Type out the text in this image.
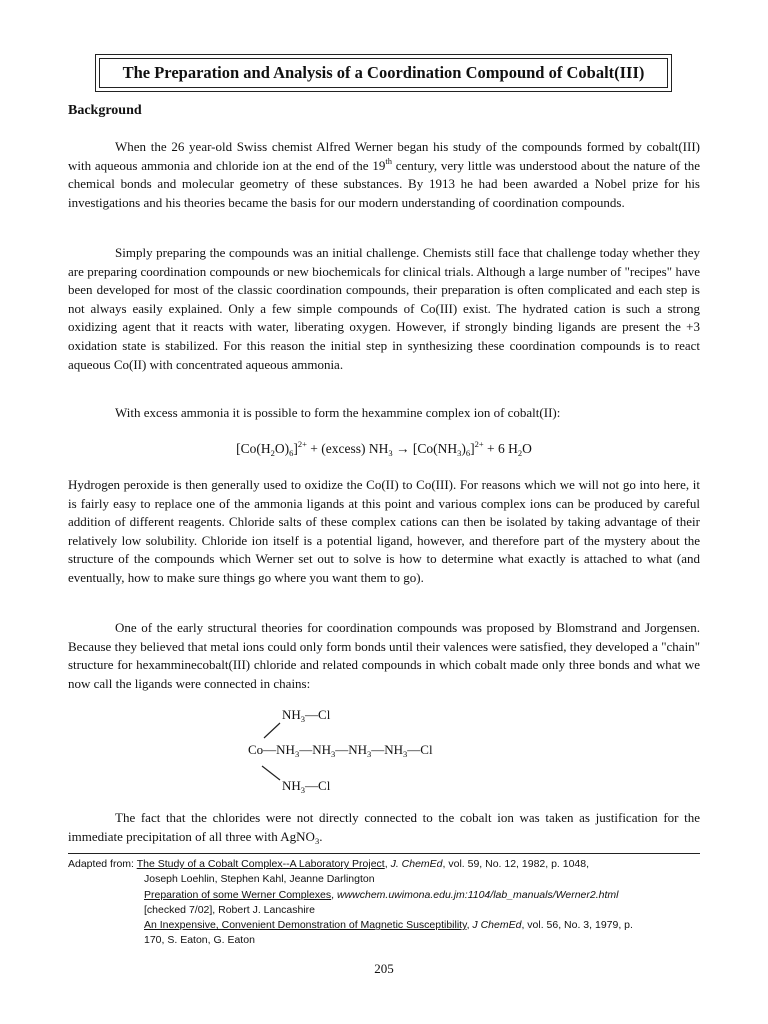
The Preparation and Analysis of a Coordination Compound of Cobalt(III)
Background

When the 26 year-old Swiss chemist Alfred Werner began his study of the compounds formed by cobalt(III) with aqueous ammonia and chloride ion at the end of the 19th century, very little was understood about the nature of the chemical bonds and molecular geometry of these substances. By 1913 he had been awarded a Nobel prize for his investigations and his theories became the basis for our modern understanding of coordination compounds.

Simply preparing the compounds was an initial challenge. Chemists still face that challenge today whether they are preparing coordination compounds or new biochemicals for clinical trials. Although a large number of "recipes" have been developed for most of the classic coordination compounds, their preparation is often complicated and each step is not always easily explained. Only a few simple compounds of Co(III) exist. The hydrated cation is such a strong oxidizing agent that it reacts with water, liberating oxygen. However, if strongly binding ligands are present the +3 oxidation state is stabilized. For this reason the initial step in synthesizing these coordination compounds is to react aqueous Co(II) with concentrated aqueous ammonia.

With excess ammonia it is possible to form the hexammine complex ion of cobalt(II):

$[Co(H_2O)_6]^{2+}$ + (excess) $NH_3 \to [Co(NH_3)_6]^{2+} + 6$ $H_2O$

Hydrogen peroxide is then generally used to oxidize the Co(II) to Co(III). For reasons which we will not go into here, it is fairly easy to replace one of the ammonia ligands at this point and various complex ions can be produced by careful addition of different reagents. Chloride salts of these complex cations can then be isolated by taking advantage of their relatively low solubility. Chloride ion itself is a potential ligand, however, and therefore part of the mystery about the structure of the compounds which Werner set out to solve is how to determine what exactly is attached to what (and eventually, how to make sure things go where you want them to go).

One of the early structural theories for coordination compounds was proposed by Blomstrand and Jorgensen. Because they believed that metal ions could only form bonds until their valences were satisfied, they developed a "chain" structure for hexamminecobalt(III) chloride and related compounds in which cobalt made only three bonds and what we now call the ligands were connected in chains:

$NH_3—Cl$
$Co—NH_3—NH_3—NH_3—NH_3—Cl$
$NH_3—Cl$

The fact that the chlorides were not directly connected to the cobalt ion was taken as justification for the immediate precipitation of all three with AgNO$_3$.

Adapted from: The Study of a Cobalt Complex--A Laboratory Project, J. ChemEd, vol. 59, No. 12, 1982, p. 1048,
Joseph Loehlin, Stephen Kahl, Jeanne Darlington
Preparation of some Werner Complexes, wwwchem.uwimona.edu.jm:1104/lab_manuals/Werner2.html
[checked 7/02], Robert J. Lancashire
An Inexpensive, Convenient Demonstration of Magnetic Susceptibility, J ChemEd, vol. 56, No. 3, 1979, p.
170, S. Eaton, G. Eaton
205
